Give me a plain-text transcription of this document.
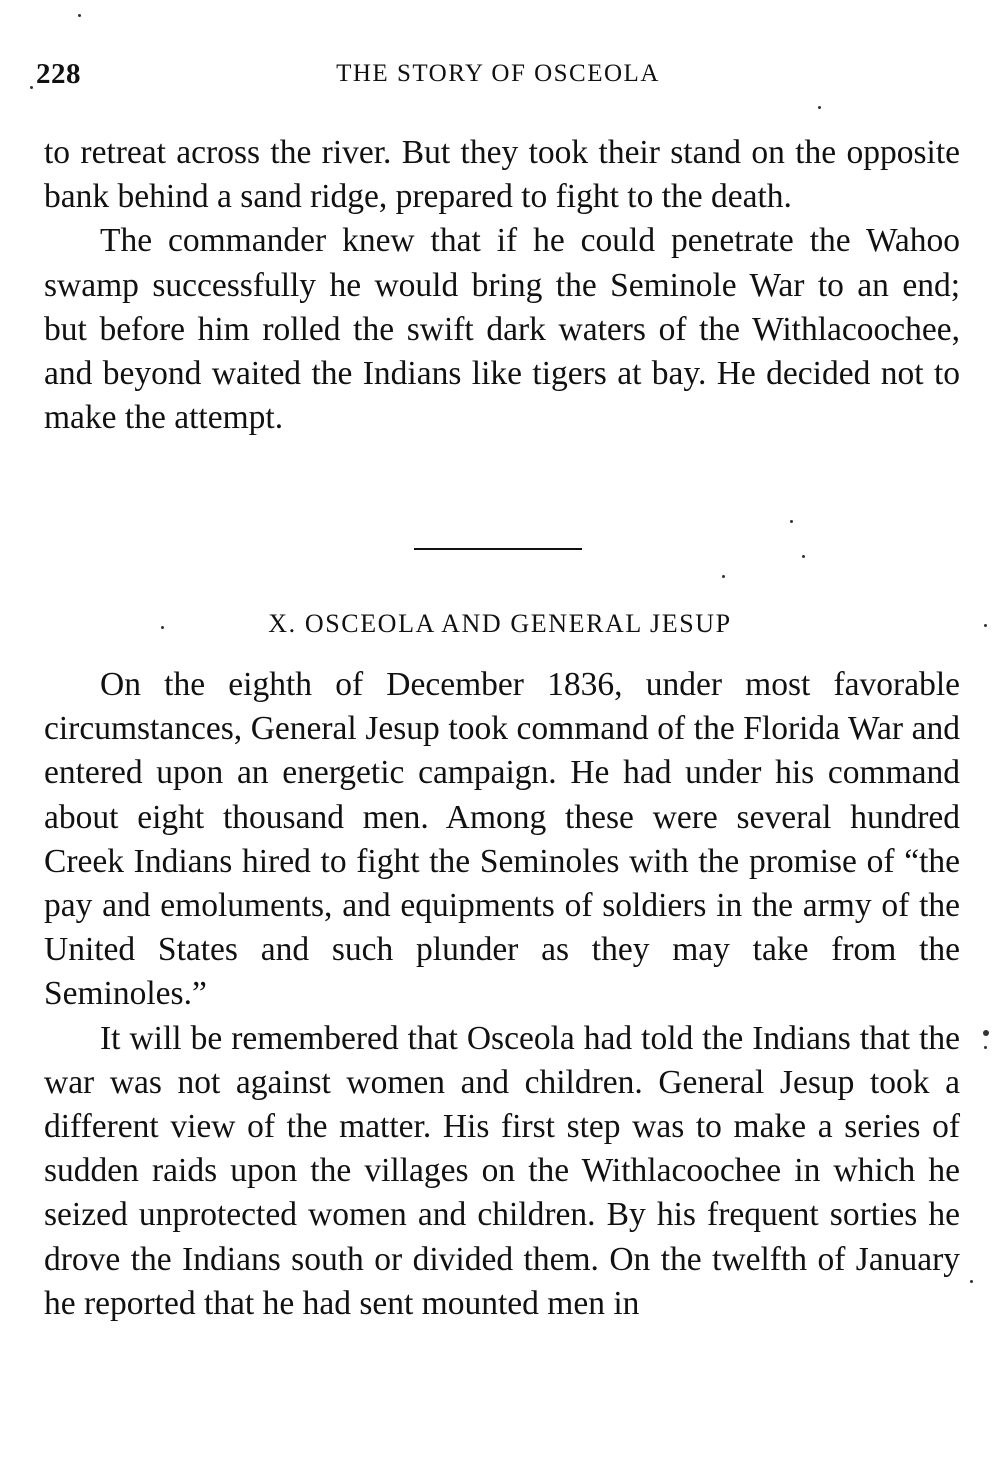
228	THE STORY OF OSCEOLA

to retreat across the river. But they took their stand on the opposite bank behind a sand ridge, prepared to fight to the death.

The commander knew that if he could penetrate the Wahoo swamp successfully he would bring the Seminole War to an end; but before him rolled the swift dark waters of the Withlacoochee, and beyond waited the Indians like tigers at bay. He decided not to make the attempt.

X. OSCEOLA AND GENERAL JESUP

On the eighth of December 1836, under most favorable circumstances, General Jesup took command of the Florida War and entered upon an energetic campaign. He had under his command about eight thousand men. Among these were several hundred Creek Indians hired to fight the Seminoles with the promise of “the pay and emoluments, and equipments of soldiers in the army of the United States and such plunder as they may take from the Seminoles.”

It will be remembered that Osceola had told the Indians that the war was not against women and children. General Jesup took a different view of the matter. His first step was to make a series of sudden raids upon the villages on the Withlacoochee in which he seized unprotected women and children. By his frequent sorties he drove the Indians south or divided them. On the twelfth of January he reported that he had sent mounted men in
